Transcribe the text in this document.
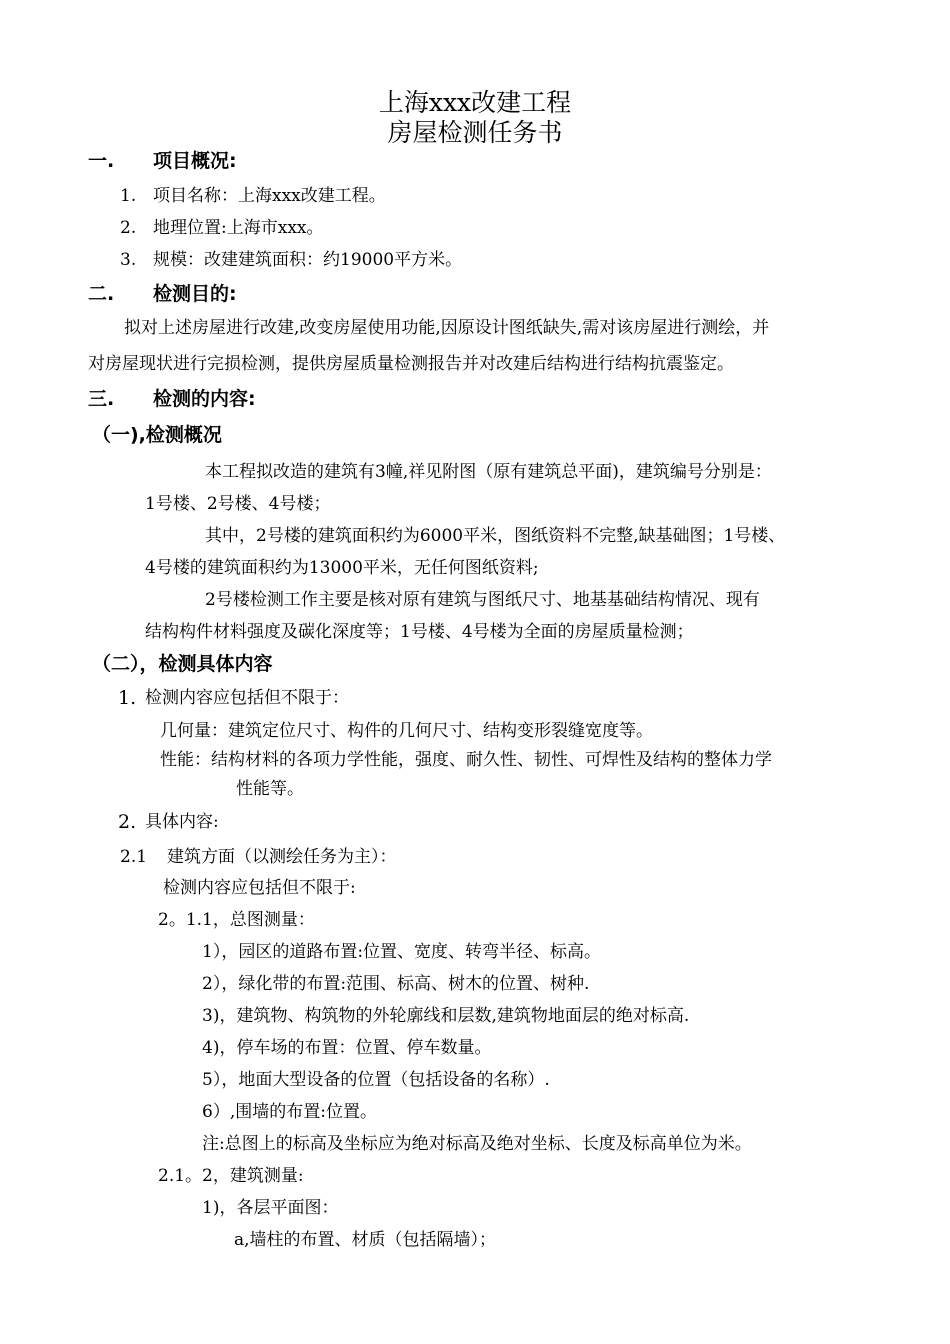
上海xxx改建工程
房屋检测任务书
一. 项目概况:
1. 项目名称：上海xxx改建工程。
2. 地理位置:上海市xxx。
3. 规模：改建建筑面积：约19000平方米。
二. 检测目的:
拟对上述房屋进行改建,改变房屋使用功能,因原设计图纸缺失,需对该房屋进行测绘，并
对房屋现状进行完损检测，提供房屋质量检测报告并对改建后结构进行结构抗震鉴定。
三. 检测的内容:
（一),检测概况
本工程拟改造的建筑有3幢,祥见附图（原有建筑总平面)，建筑编号分别是：
1号楼、2号楼、4号楼；
其中，2号楼的建筑面积约为6000平米，图纸资料不完整,缺基础图；1号楼、
4号楼的建筑面积约为13000平米，无任何图纸资料;
2号楼检测工作主要是核对原有建筑与图纸尺寸、地基基础结构情况、现有
结构构件材料强度及碳化深度等；1号楼、4号楼为全面的房屋质量检测；
（二），检测具体内容
1. 检测内容应包括但不限于：
几何量：建筑定位尺寸、构件的几何尺寸、结构变形裂缝宽度等。
性能：结构材料的各项力学性能，强度、耐久性、韧性、可焊性及结构的整体力学
性能等。
2. 具体内容:
2.1 建筑方面（以测绘任务为主）：
检测内容应包括但不限于:
2。1.1，总图测量：
1），园区的道路布置:位置、宽度、转弯半径、标高。
2），绿化带的布置:范围、标高、树木的位置、树种.
3)，建筑物、构筑物的外轮廓线和层数,建筑物地面层的绝对标高.
4)，停车场的布置：位置、停车数量。
5），地面大型设备的位置（包括设备的名称）.
6）,围墙的布置:位置。
注:总图上的标高及坐标应为绝对标高及绝对坐标、长度及标高单位为米。
2.1。2，建筑测量:
1)，各层平面图：
a,墙柱的布置、材质（包括隔墙）；
